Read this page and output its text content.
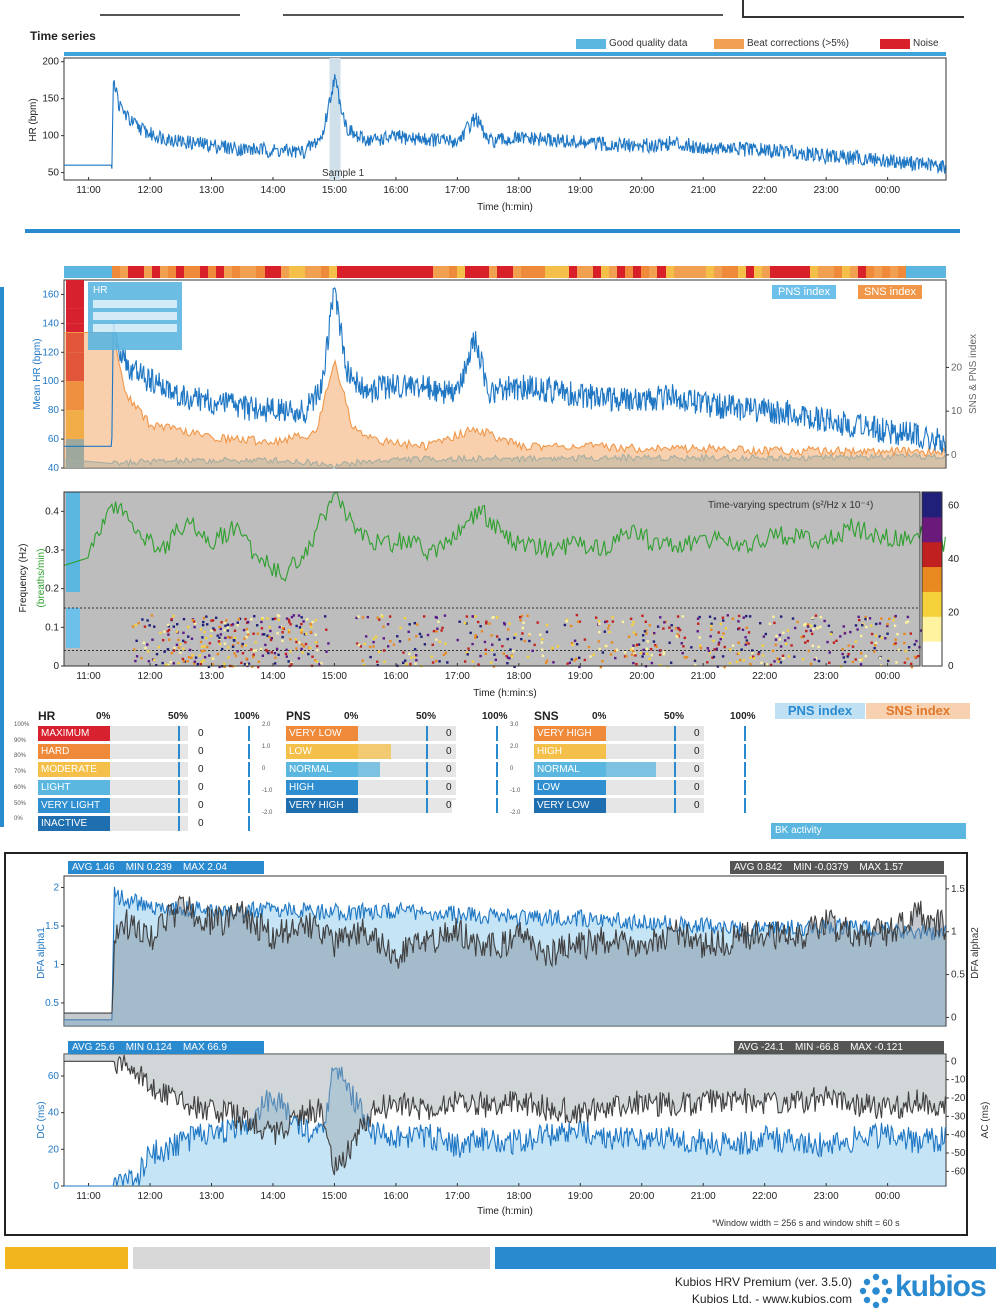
Time series
Good quality data	Beat corrections (>5%)	Noise
50
100
150
200
11:00	12:00	13:00	14:00	15:00	16:00	17:00	18:00	19:00	20:00	21:00	22:00	23:00	00:00
HR (bpm)
Time (h:min)
Sample 1
40
60
80
100
120
140
160
0
10
20
Mean HR (bpm)	SNS & PNS index
HR	PNS index	SNS index
0
20
40
60
0
0.1
0.2
0.3
0.4
11:00	12:00	13:00	14:00	15:00	16:00	17:00	18:00	19:00	20:00	21:00	22:00	23:00	00:00
Frequency (Hz) (breaths/min)
Time (h:min:s)
Time-varying spectrum (s²/Hz x 10⁻⁴)
HR	0%	50%	100%
100%
90%
80%
70%
60%
50%
0%
MAXIMUM	0
HARD	0
MODERATE	0
LIGHT	0
VERY LIGHT	0
INACTIVE	0
PNS	0%	50%	100%
2.0
1.0
0
-1.0
-2.0
VERY LOW	0
LOW	0
NORMAL	0
HIGH	0
VERY HIGH	0
SNS	0%	50%	100%
3.0
2.0
0
-1.0
-2.0
VERY HIGH	0
HIGH	0
NORMAL	0
LOW	0
VERY LOW	0
PNS index	SNS index
BK activity
0.5
1
1.5
2
0
0.5
1
1.5
DFA alpha1	DFA alpha2
0
20
40
60
-60
-50
-40
-30
-20
-10
0
11:00	12:00	13:00	14:00	15:00	16:00	17:00	18:00	19:00	20:00	21:00	22:00	23:00	00:00
DC (ms)	AC (ms)
Time (h:min)
AVG 1.46    MIN 0.239    MAX 2.04	AVG 0.842    MIN -0.0379    MAX 1.57
AVG 25.6    MIN 0.124    MAX 66.9	AVG -24.1    MIN -66.8    MAX -0.121
*Window width = 256 s and window shift = 60 s
Kubios HRV Premium (ver. 3.5.0)
Kubios Ltd. - www.kubios.com kubios
